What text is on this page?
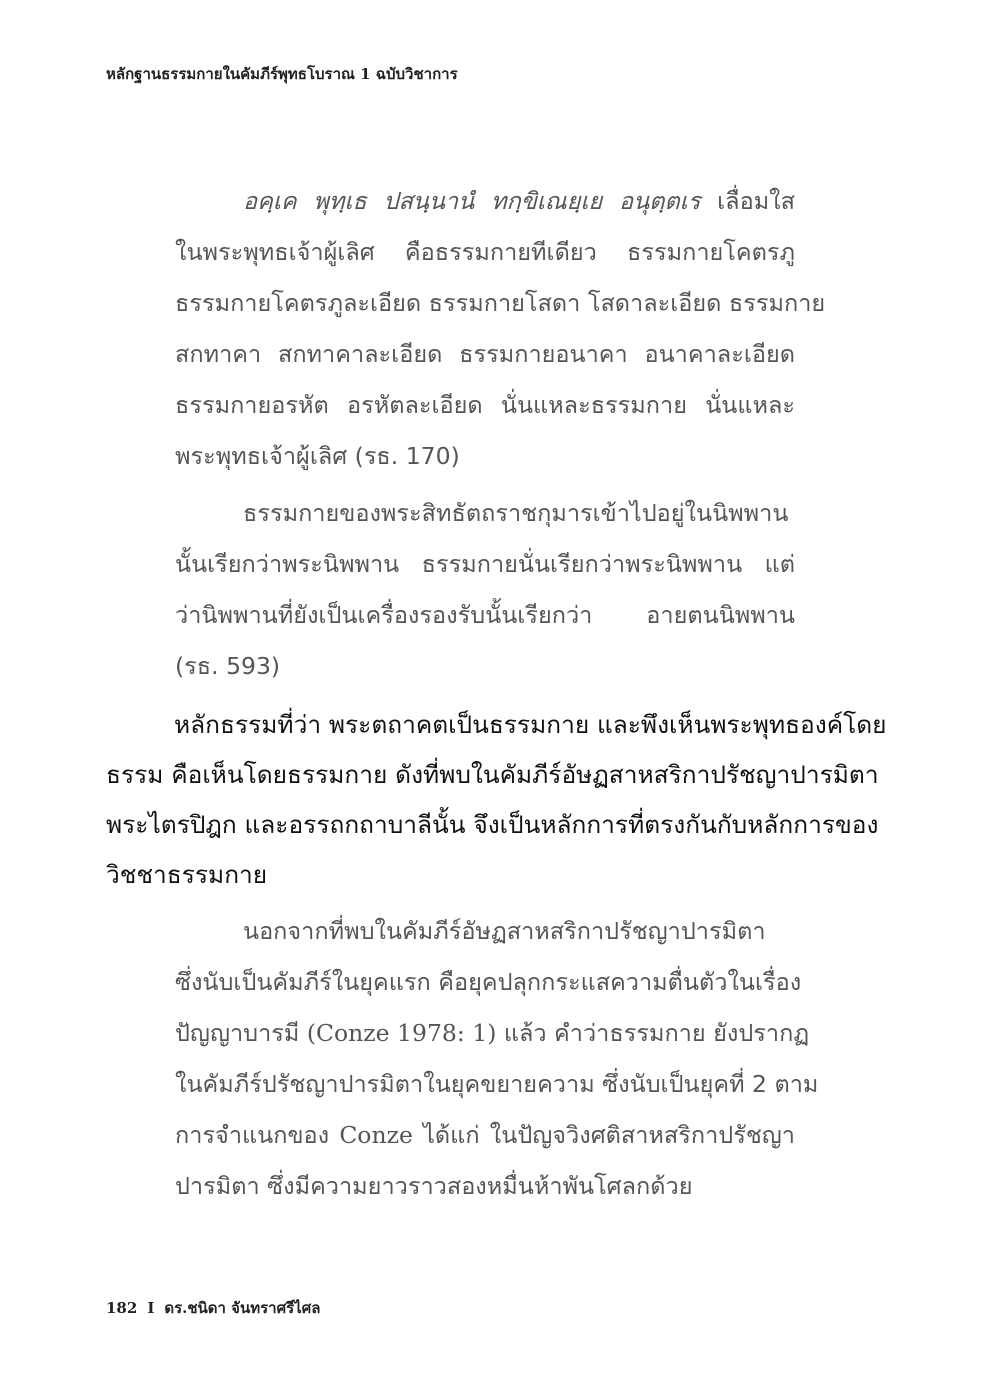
หลักฐานธรรมกายในคัมภีร์พุทธโบราณ 1 ฉบับวิชาการ
อคฺเค พุทฺเธ ปสนฺนานํ ทกฺขิเณยฺเย อนุตฺตเร เลื่อมใส
ในพระพุทธเจ้าผู้เลิศ คือธรรมกายทีเดียว ธรรมกายโคตรภู
ธรรมกายโคตรภูละเอียด ธรรมกายโสดา โสดาละเอียด ธรรมกาย
สกทาคา สกทาคาละเอียด ธรรมกายอนาคา อนาคาละเอียด
ธรรมกายอรหัต อรหัตละเอียด นั่นแหละธรรมกาย นั่นแหละ
พระพุทธเจ้าผู้เลิศ (รธ. 170)
ธรรมกายของพระสิทธัตถราชกุมารเข้าไปอยู่ในนิพพาน
นั้นเรียกว่าพระนิพพาน ธรรมกายนั่นเรียกว่าพระนิพพาน แต่
ว่านิพพานที่ยังเป็นเครื่องรองรับนั้นเรียกว่า อายตนนิพพาน
(รธ. 593)
หลักธรรมที่ว่า พระตถาคตเป็นธรรมกาย และพึงเห็นพระพุทธองค์โดย
ธรรม คือเห็นโดยธรรมกาย ดังที่พบในคัมภีร์อัษฏสาหสริกาปรัชญาปารมิตา
พระไตรปิฎก และอรรถกถาบาลีนั้น จึงเป็นหลักการที่ตรงกันกับหลักการของ
วิชชาธรรมกาย
นอกจากที่พบในคัมภีร์อัษฏสาหสริกาปรัชญาปารมิตา
ซึ่งนับเป็นคัมภีร์ในยุคแรก คือยุคปลุกกระแสความตื่นตัวในเรื่อง
ปัญญาบารมี (Conze 1978: 1) แล้ว คำว่าธรรมกาย ยังปรากฏ
ในคัมภีร์ปรัชญาปารมิตาในยุคขยายความ ซึ่งนับเป็นยุคที่ 2 ตาม
การจำแนกของ Conze ได้แก่ ในปัญจวิงศติสาหสริกาปรัชญา
ปารมิตา ซึ่งมีความยาวราวสองหมื่นห้าพันโศลกด้วย
182 I ดร.ชนิดา จันทราศรีไศล
